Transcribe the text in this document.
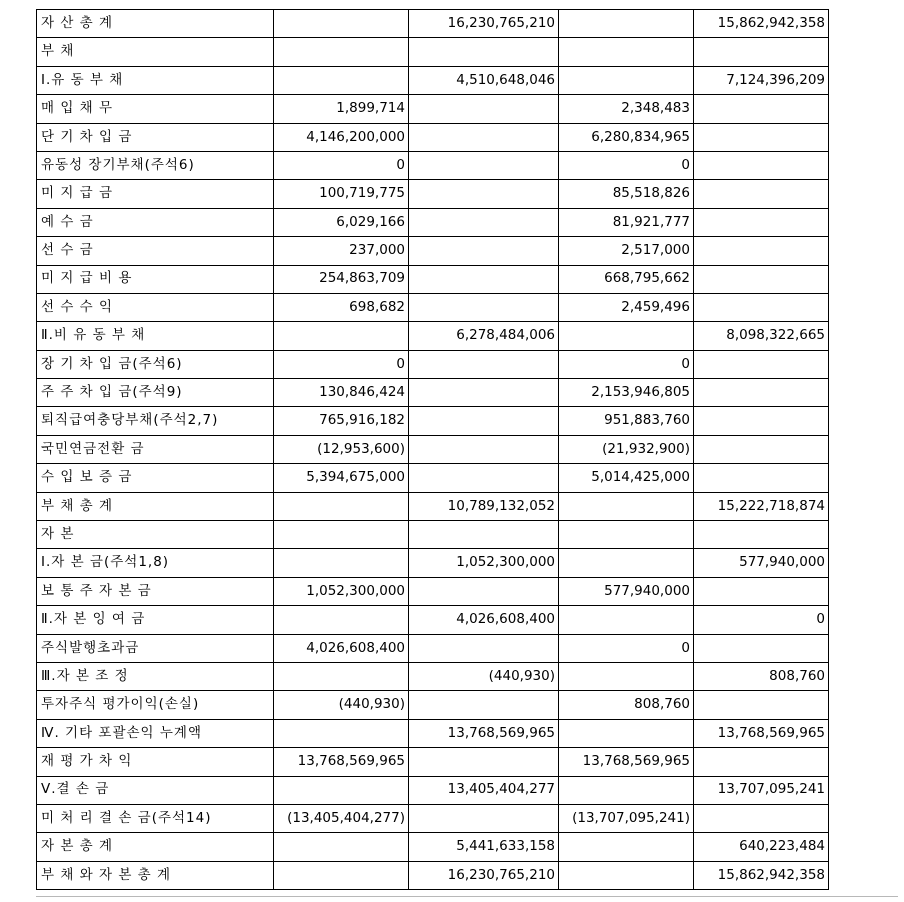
자 산 총 계		16,230,765,210		15,862,942,358
부 채				
Ⅰ.유 동 부 채		4,510,648,046		7,124,396,209
매 입 채 무	1,899,714		2,348,483	
단 기 차 입 금	4,146,200,000		6,280,834,965	
유동성 장기부채(주석6)	0		0	
미 지 급 금	100,719,775		85,518,826	
예 수 금	6,029,166		81,921,777	
선 수 금	237,000		2,517,000	
미 지 급 비 용	254,863,709		668,795,662	
선 수 수 익	698,682		2,459,496	
Ⅱ.비 유 동 부 채		6,278,484,006		8,098,322,665
장 기 차 입 금(주석6)	0		0	
주 주 차 입 금(주석9)	130,846,424		2,153,946,805	
퇴직급여충당부채(주석2,7)	765,916,182		951,883,760	
국민연금전환 금	(12,953,600)		(21,932,900)	
수 입 보 증 금	5,394,675,000		5,014,425,000	
부 채 총 계		10,789,132,052		15,222,718,874
자 본				
Ⅰ.자 본 금(주석1,8)		1,052,300,000		577,940,000
보 통 주 자 본 금	1,052,300,000		577,940,000	
Ⅱ.자 본 잉 여 금		4,026,608,400		0
주식발행초과금	4,026,608,400		0	
Ⅲ.자 본 조 정		(440,930)		808,760
투자주식 평가이익(손실)	(440,930)		808,760	
Ⅳ. 기타 포괄손익 누계액		13,768,569,965		13,768,569,965
재 평 가 차 익	13,768,569,965		13,768,569,965	
Ⅴ.결 손 금		13,405,404,277		13,707,095,241
미 처 리 결 손 금(주석14)	(13,405,404,277)		(13,707,095,241)	
자 본 총 계		5,441,633,158		640,223,484
부 채 와 자 본 총 계		16,230,765,210		15,862,942,358
